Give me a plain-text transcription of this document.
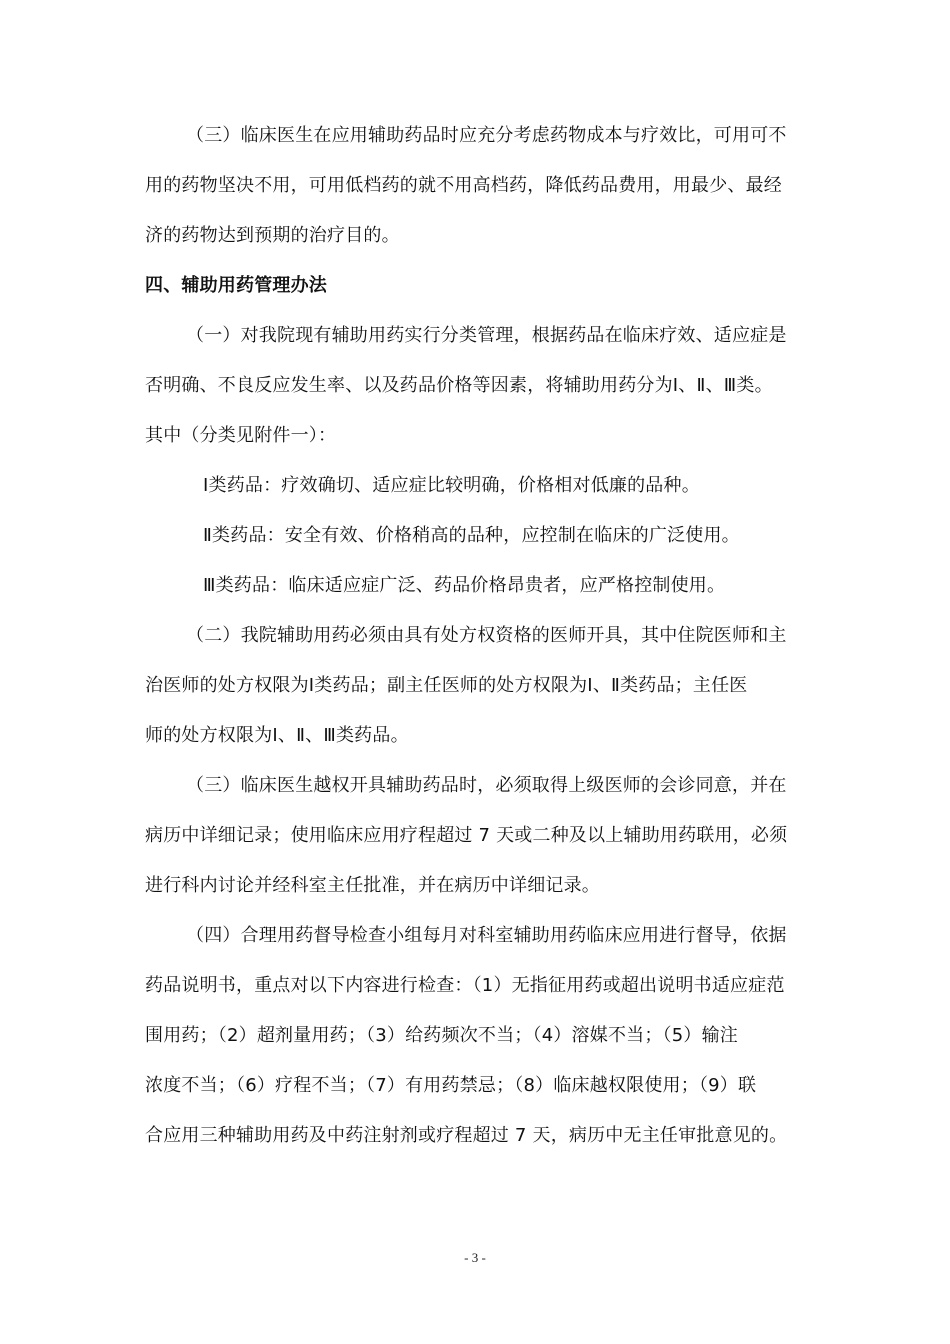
（三）临床医生在应用辅助药品时应充分考虑药物成本与疗效比，可用可不
用的药物坚决不用，可用低档药的就不用高档药，降低药品费用，用最少、最经
济的药物达到预期的治疗目的。
四、辅助用药管理办法
（一）对我院现有辅助用药实行分类管理，根据药品在临床疗效、适应症是
否明确、不良反应发生率、以及药品价格等因素，将辅助用药分为Ⅰ、Ⅱ、Ⅲ类。
其中（分类见附件一）：
Ⅰ类药品：疗效确切、适应症比较明确，价格相对低廉的品种。
Ⅱ类药品：安全有效、价格稍高的品种，应控制在临床的广泛使用。
Ⅲ类药品：临床适应症广泛、药品价格昂贵者，应严格控制使用。
（二）我院辅助用药必须由具有处方权资格的医师开具，其中住院医师和主
治医师的处方权限为Ⅰ类药品；副主任医师的处方权限为Ⅰ、Ⅱ类药品；主任医
师的处方权限为Ⅰ、Ⅱ、Ⅲ类药品。
（三）临床医生越权开具辅助药品时，必须取得上级医师的会诊同意，并在
病历中详细记录；使用临床应用疗程超过 7 天或二种及以上辅助用药联用，必须
进行科内讨论并经科室主任批准，并在病历中详细记录。
（四）合理用药督导检查小组每月对科室辅助用药临床应用进行督导，依据
药品说明书，重点对以下内容进行检查：（1）无指征用药或超出说明书适应症范
围用药；（2）超剂量用药；（3）给药频次不当；（4）溶媒不当；（5）输注
浓度不当；（6）疗程不当；（7）有用药禁忌；（8）临床越权限使用；（9）联
合应用三种辅助用药及中药注射剂或疗程超过 7 天，病历中无主任审批意见的。
- 3 -
